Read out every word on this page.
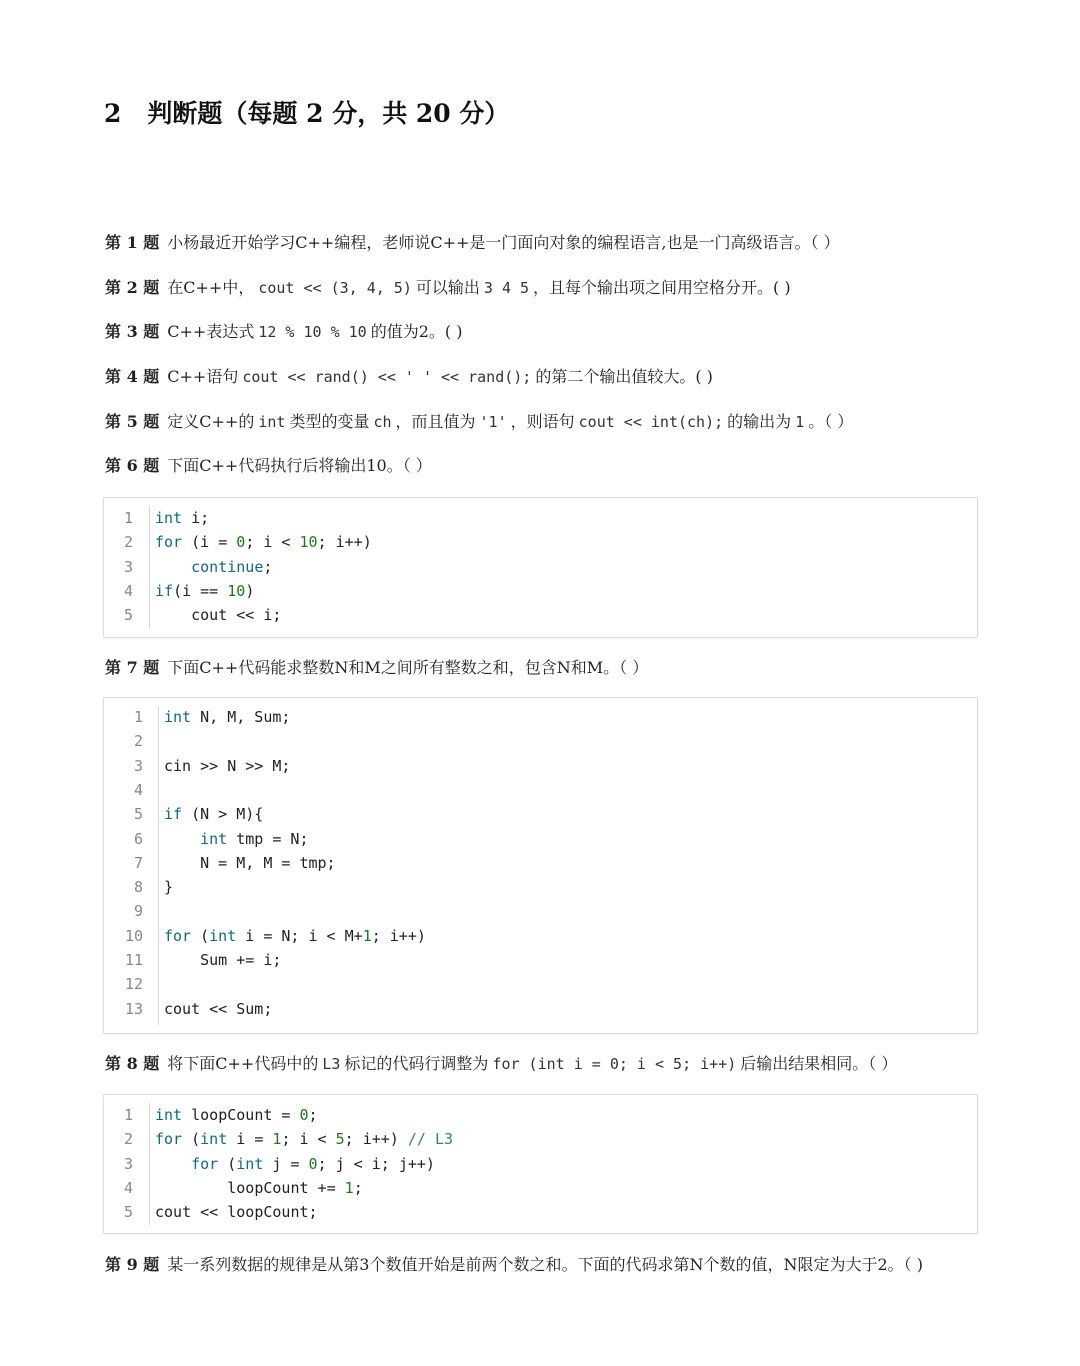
2 判断题（每题 2 分，共 20 分）
第 1 题 小杨最近开始学习C++编程，老师说C++是一门面向对象的编程语言,也是一门高级语言。（ ）
第 2 题 在C++中， cout << (3, 4, 5) 可以输出 3 4 5 ，且每个输出项之间用空格分开。( )
第 3 题 C++表达式 12 % 10 % 10 的值为2。( )
第 4 题 C++语句 cout << rand() << ' ' << rand(); 的第二个输出值较大。( )
第 5 题 定义C++的 int 类型的变量 ch ，而且值为 '1' ，则语句 cout << int(ch); 的输出为 1 。（ ）
第 6 题 下面C++代码执行后将输出10。（ ）
1 int i;
2 for (i = 0; i < 10; i++)
3	continue;
4 if(i == 10)
5 cout << i;
第 7 题 下面C++代码能求整数N和M之间所有整数之和，包含N和M。（ ）
1 int N, M, Sum;
2
3 cin >> N >> M;
4
5 if (N > M){
6	int tmp = N;
7 N = M, M = tmp;
8 }
9
10 for (int i = N; i < M+1; i++)
11 Sum += i;
12
13 cout << Sum;
第 8 题 将下面C++代码中的 L3 标记的代码行调整为 for (int i = 0; i < 5; i++) 后输出结果相同。（ ）
1 int loopCount = 0;
2 for (int i = 1; i < 5; i++) // L3
3	for (int j = 0; j < i; j++)
4 loopCount += 1;
5 cout << loopCount;
第 9 题 某一系列数据的规律是从第3个数值开始是前两个数之和。下面的代码求第N个数的值，N限定为大于2。（ )
